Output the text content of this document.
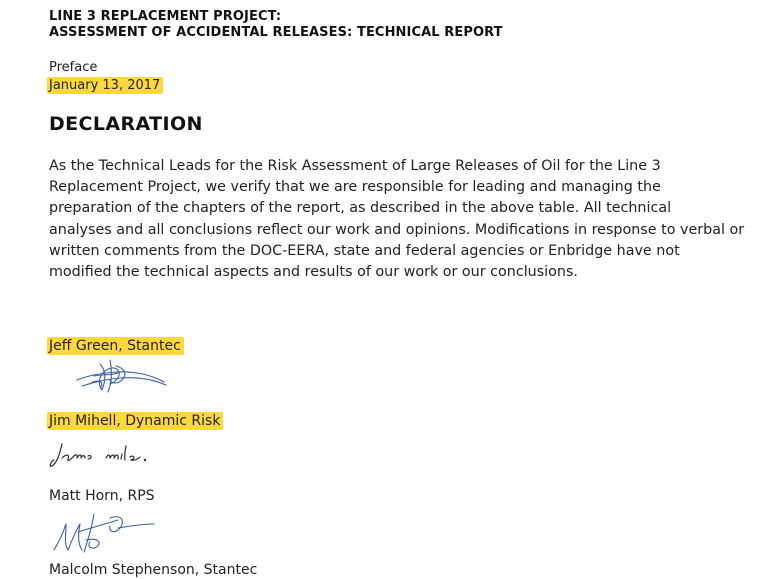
LINE 3 REPLACEMENT PROJECT:
ASSESSMENT OF ACCIDENTAL RELEASES: TECHNICAL REPORT
Preface
January 13, 2017
DECLARATION
As the Technical Leads for the Risk Assessment of Large Releases of Oil for the Line 3
Replacement Project, we verify that we are responsible for leading and managing the
preparation of the chapters of the report, as described in the above table. All technical
analyses and all conclusions reflect our work and opinions. Modifications in response to verbal or
written comments from the DOC-EERA, state and federal agencies or Enbridge have not
modified the technical aspects and results of our work or our conclusions.
Jeff Green, Stantec
Jim Mihell, Dynamic Risk
Matt Horn, RPS
Malcolm Stephenson, Stantec
